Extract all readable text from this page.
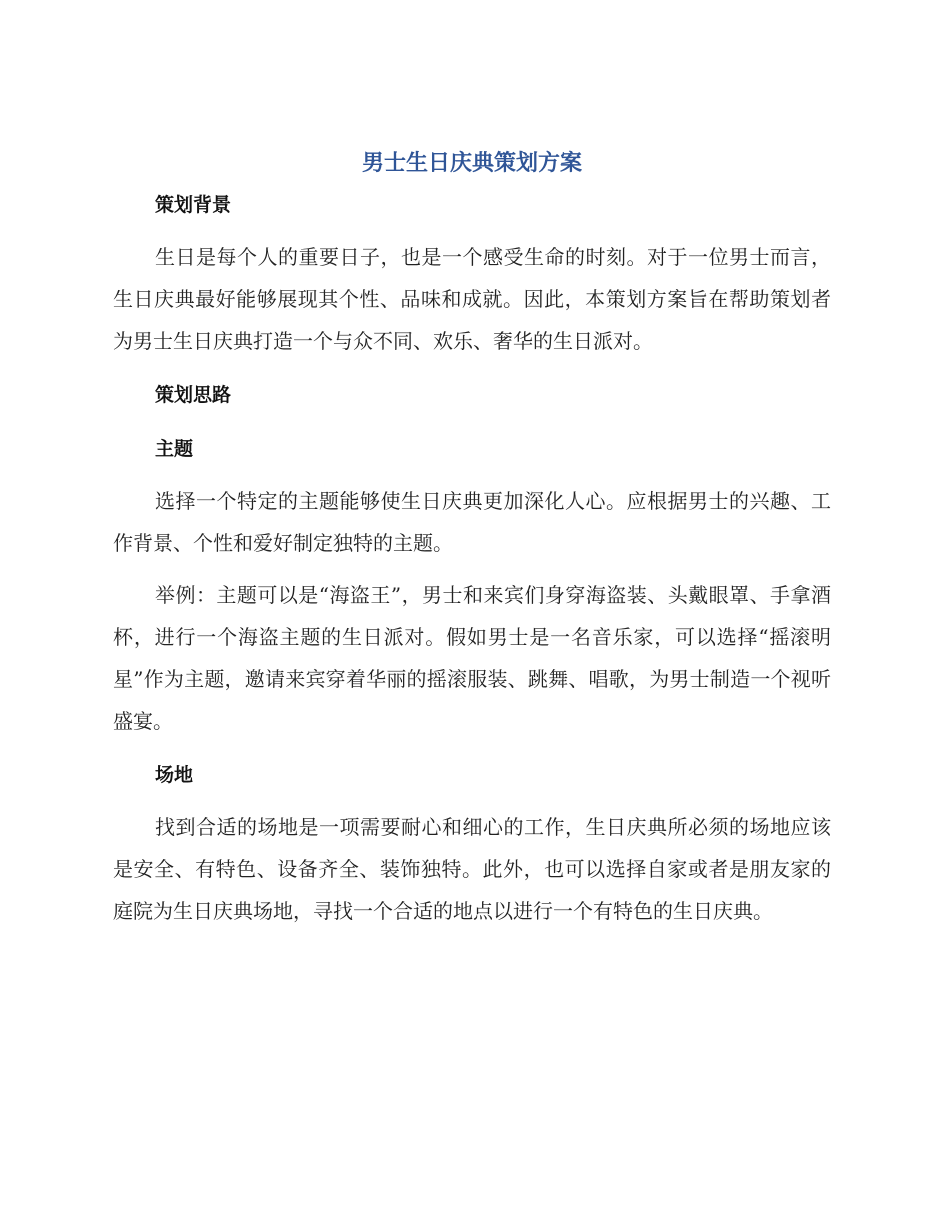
男士生日庆典策划方案
策划背景

生日是每个人的重要日子，也是一个感受生命的时刻。对于一位男士而言，生日庆典最好能够展现其个性、品味和成就。因此，本策划方案旨在帮助策划者为男士生日庆典打造一个与众不同、欢乐、奢华的生日派对。

策划思路
主题

选择一个特定的主题能够使生日庆典更加深化人心。应根据男士的兴趣、工作背景、个性和爱好制定独特的主题。

举例：主题可以是“海盗王”，男士和来宾们身穿海盗装、头戴眼罩、手拿酒杯，进行一个海盗主题的生日派对。假如男士是一名音乐家，可以选择“摇滚明星”作为主题，邀请来宾穿着华丽的摇滚服装、跳舞、唱歌，为男士制造一个视听盛宴。

场地

找到合适的场地是一项需要耐心和细心的工作，生日庆典所必须的场地应该是安全、有特色、设备齐全、装饰独特。此外，也可以选择自家或者是朋友家的庭院为生日庆典场地，寻找一个合适的地点以进行一个有特色的生日庆典。
